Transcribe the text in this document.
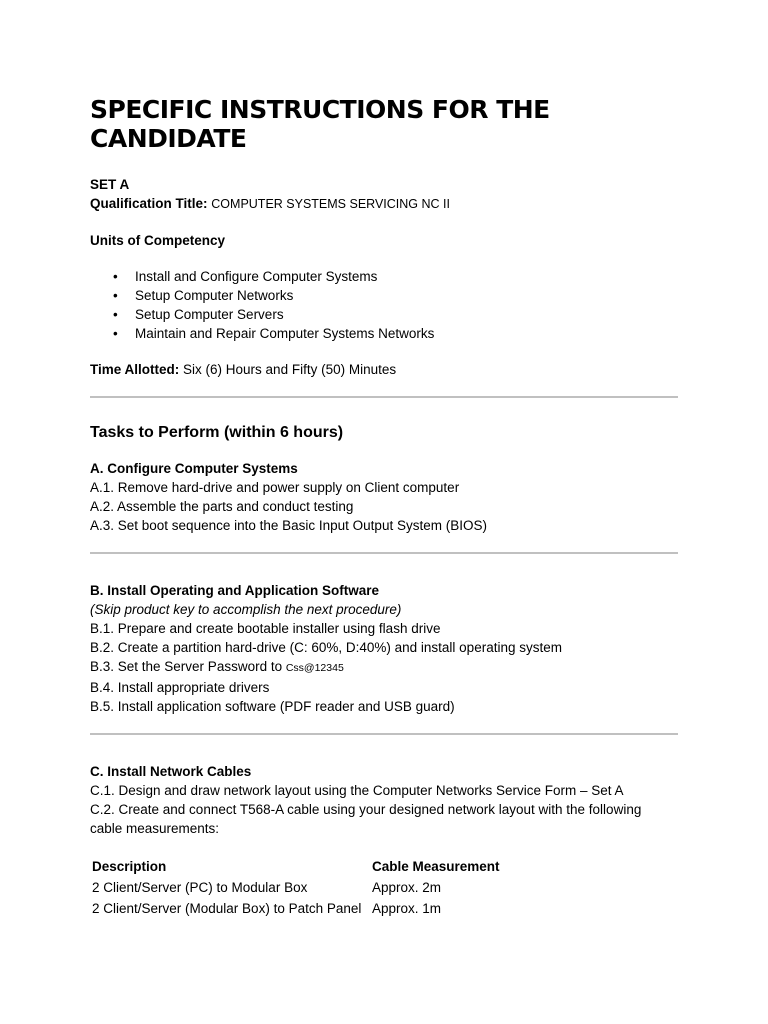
SPECIFIC INSTRUCTIONS FOR THE CANDIDATE
SET A
Qualification Title: COMPUTER SYSTEMS SERVICING NC II
Units of Competency
• Install and Configure Computer Systems
• Setup Computer Networks
• Setup Computer Servers
• Maintain and Repair Computer Systems Networks
Time Allotted: Six (6) Hours and Fifty (50) Minutes
Tasks to Perform (within 6 hours)
A. Configure Computer Systems
A.1. Remove hard-drive and power supply on Client computer
A.2. Assemble the parts and conduct testing
A.3. Set boot sequence into the Basic Input Output System (BIOS)
B. Install Operating and Application Software
(Skip product key to accomplish the next procedure)
B.1. Prepare and create bootable installer using flash drive
B.2. Create a partition hard-drive (C: 60%, D:40%) and install operating system
B.3. Set the Server Password to Css@12345
B.4. Install appropriate drivers
B.5. Install application software (PDF reader and USB guard)
C. Install Network Cables
C.1. Design and draw network layout using the Computer Networks Service Form – Set A
C.2. Create and connect T568-A cable using your designed network layout with the following
cable measurements:
Description	Cable Measurement
2 Client/Server (PC) to Modular Box	Approx. 2m
2 Client/Server (Modular Box) to Patch Panel	Approx. 1m
